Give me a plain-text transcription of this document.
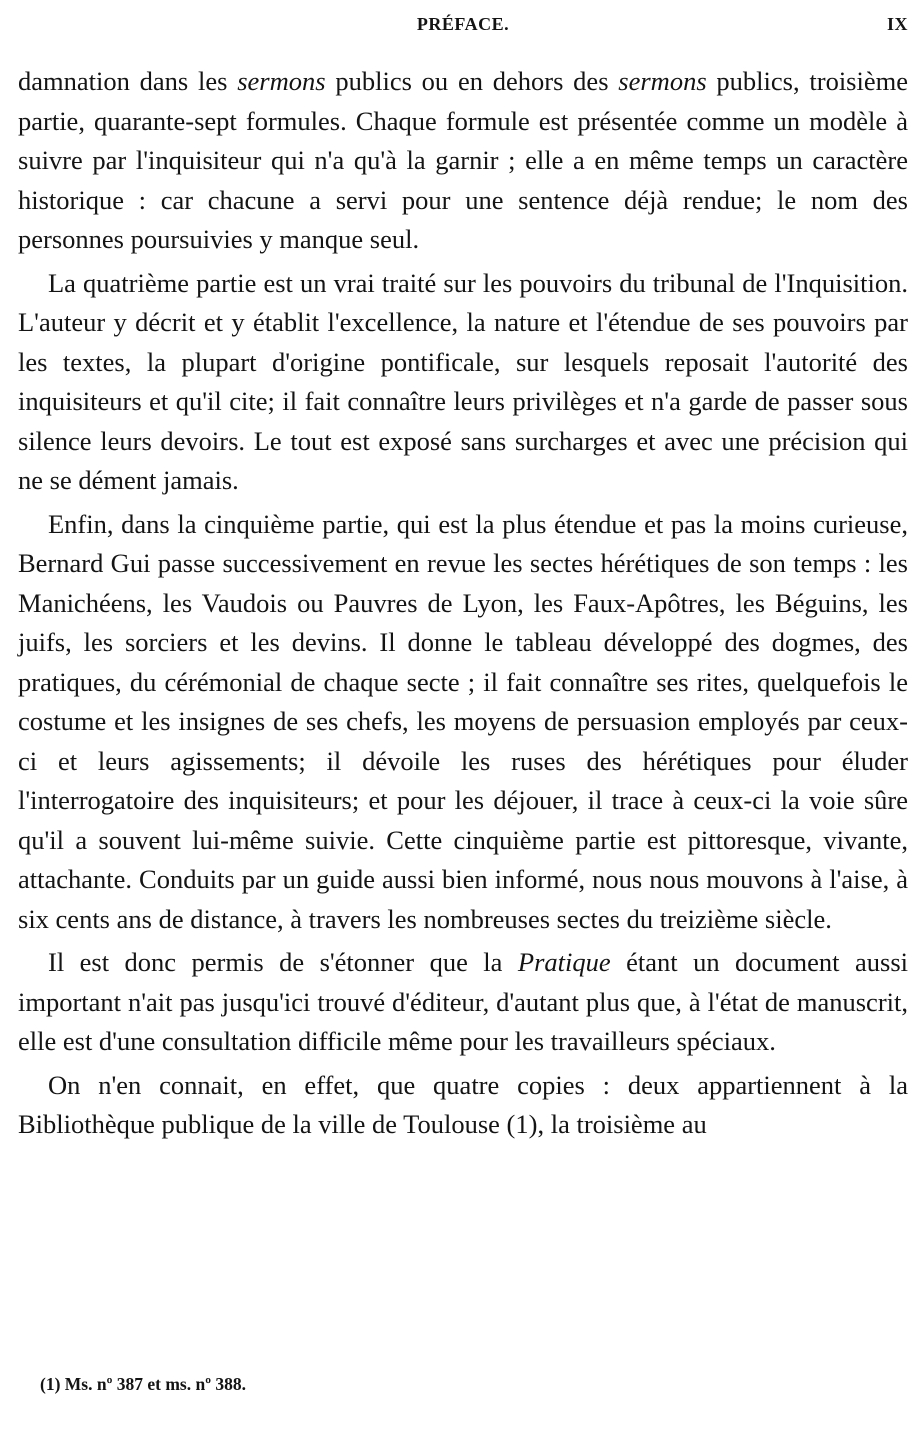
PRÉFACE.	IX

damnation dans les sermons publics ou en dehors des sermons publics, troisième partie, quarante-sept formules. Chaque formule est présentée comme un modèle à suivre par l'inquisiteur qui n'a qu'à la garnir ; elle a en même temps un caractère historique : car chacune a servi pour une sentence déjà rendue; le nom des personnes poursuivies y manque seul.

La quatrième partie est un vrai traité sur les pouvoirs du tribunal de l'Inquisition. L'auteur y décrit et y établit l'excellence, la nature et l'étendue de ses pouvoirs par les textes, la plupart d'origine pontificale, sur lesquels reposait l'autorité des inquisiteurs et qu'il cite; il fait connaître leurs privilèges et n'a garde de passer sous silence leurs devoirs. Le tout est exposé sans surcharges et avec une précision qui ne se dément jamais.

Enfin, dans la cinquième partie, qui est la plus étendue et pas la moins curieuse, Bernard Gui passe successivement en revue les sectes hérétiques de son temps : les Manichéens, les Vaudois ou Pauvres de Lyon, les Faux-Apôtres, les Béguins, les juifs, les sorciers et les devins. Il donne le tableau développé des dogmes, des pratiques, du cérémonial de chaque secte ; il fait connaître ses rites, quelquefois le costume et les insignes de ses chefs, les moyens de persuasion employés par ceux-ci et leurs agissements; il dévoile les ruses des hérétiques pour éluder l'interrogatoire des inquisiteurs; et pour les déjouer, il trace à ceux-ci la voie sûre qu'il a souvent lui-même suivie. Cette cinquième partie est pittoresque, vivante, attachante. Conduits par un guide aussi bien informé, nous nous mouvons à l'aise, à six cents ans de distance, à travers les nombreuses sectes du treizième siècle.

Il est donc permis de s'étonner que la Pratique étant un document aussi important n'ait pas jusqu'ici trouvé d'éditeur, d'autant plus que, à l'état de manuscrit, elle est d'une consultation difficile même pour les travailleurs spéciaux.

On n'en connait, en effet, que quatre copies : deux appartiennent à la Bibliothèque publique de la ville de Toulouse (1), la troisième au

(1) Ms. nº 387 et ms. nº 388.
